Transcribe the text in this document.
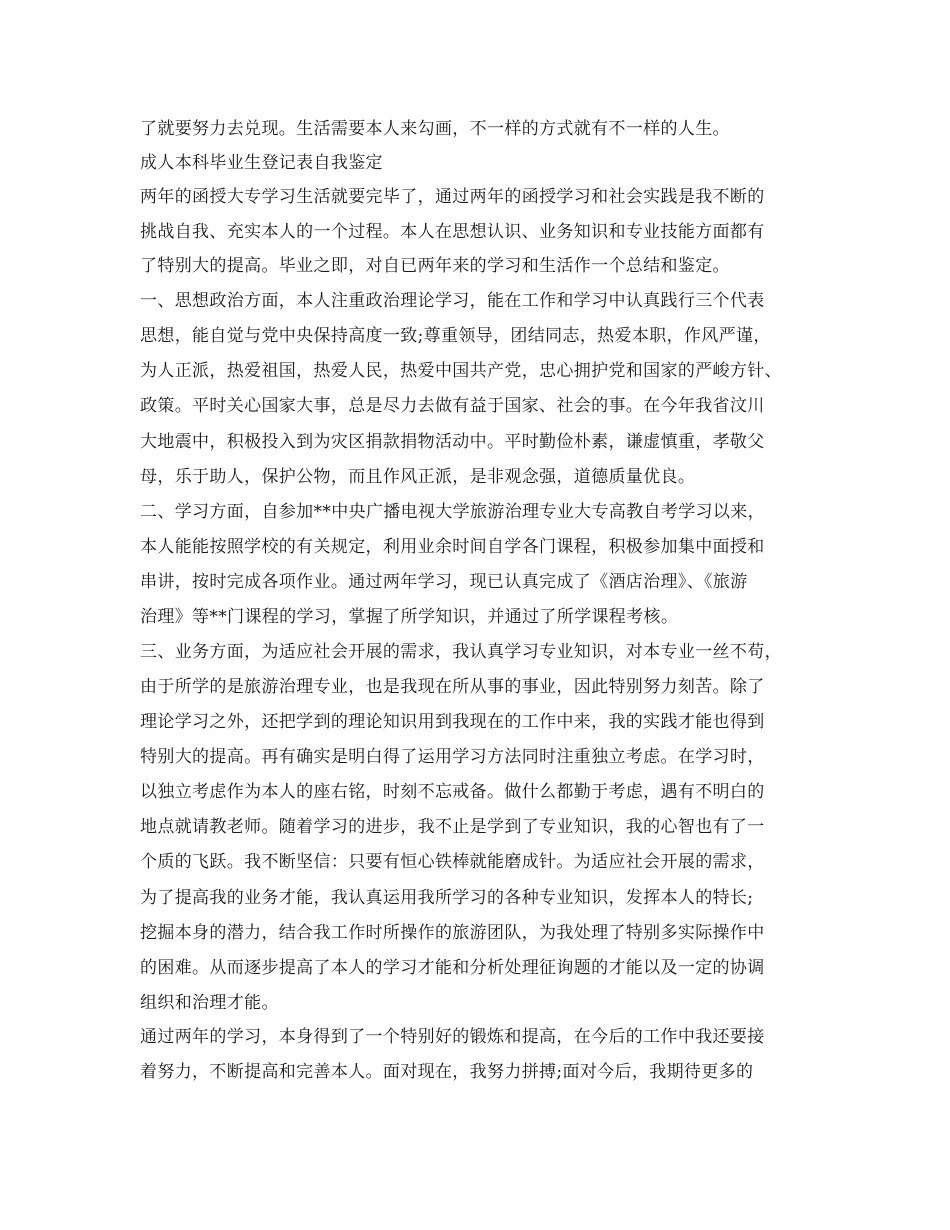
了就要努力去兑现。生活需要本人来勾画，不一样的方式就有不一样的人生。
成人本科毕业生登记表自我鉴定
两年的函授大专学习生活就要完毕了，通过两年的函授学习和社会实践是我不断的
挑战自我、充实本人的一个过程。本人在思想认识、业务知识和专业技能方面都有
了特别大的提高。毕业之即，对自已两年来的学习和生活作一个总结和鉴定。
一、思想政治方面，本人注重政治理论学习，能在工作和学习中认真践行三个代表
思想，能自觉与党中央保持高度一致;尊重领导，团结同志，热爱本职，作风严谨，
为人正派，热爱祖国，热爱人民，热爱中国共产党，忠心拥护党和国家的严峻方针、
政策。平时关心国家大事，总是尽力去做有益于国家、社会的事。在今年我省汶川
大地震中，积极投入到为灾区捐款捐物活动中。平时勤俭朴素，谦虚慎重，孝敬父
母，乐于助人，保护公物，而且作风正派，是非观念强，道德质量优良。
二、学习方面，自参加**中央广播电视大学旅游治理专业大专高教自考学习以来，
本人能能按照学校的有关规定，利用业余时间自学各门课程，积极参加集中面授和
串讲，按时完成各项作业。通过两年学习，现已认真完成了《酒店治理》、《旅游
治理》等**门课程的学习，掌握了所学知识，并通过了所学课程考核。
三、业务方面，为适应社会开展的需求，我认真学习专业知识，对本专业一丝不苟，
由于所学的是旅游治理专业，也是我现在所从事的事业，因此特别努力刻苦。除了
理论学习之外，还把学到的理论知识用到我现在的工作中来，我的实践才能也得到
特别大的提高。再有确实是明白得了运用学习方法同时注重独立考虑。在学习时，
以独立考虑作为本人的座右铭，时刻不忘戒备。做什么都勤于考虑，遇有不明白的
地点就请教老师。随着学习的进步，我不止是学到了专业知识，我的心智也有了一
个质的飞跃。我不断坚信：只要有恒心铁棒就能磨成针。为适应社会开展的需求，
为了提高我的业务才能，我认真运用我所学习的各种专业知识，发挥本人的特长;
挖掘本身的潜力，结合我工作时所操作的旅游团队，为我处理了特别多实际操作中
的困难。从而逐步提高了本人的学习才能和分析处理征询题的才能以及一定的协调
组织和治理才能。
通过两年的学习，本身得到了一个特别好的锻炼和提高，在今后的工作中我还要接
着努力，不断提高和完善本人。面对现在，我努力拼搏;面对今后，我期待更多的
